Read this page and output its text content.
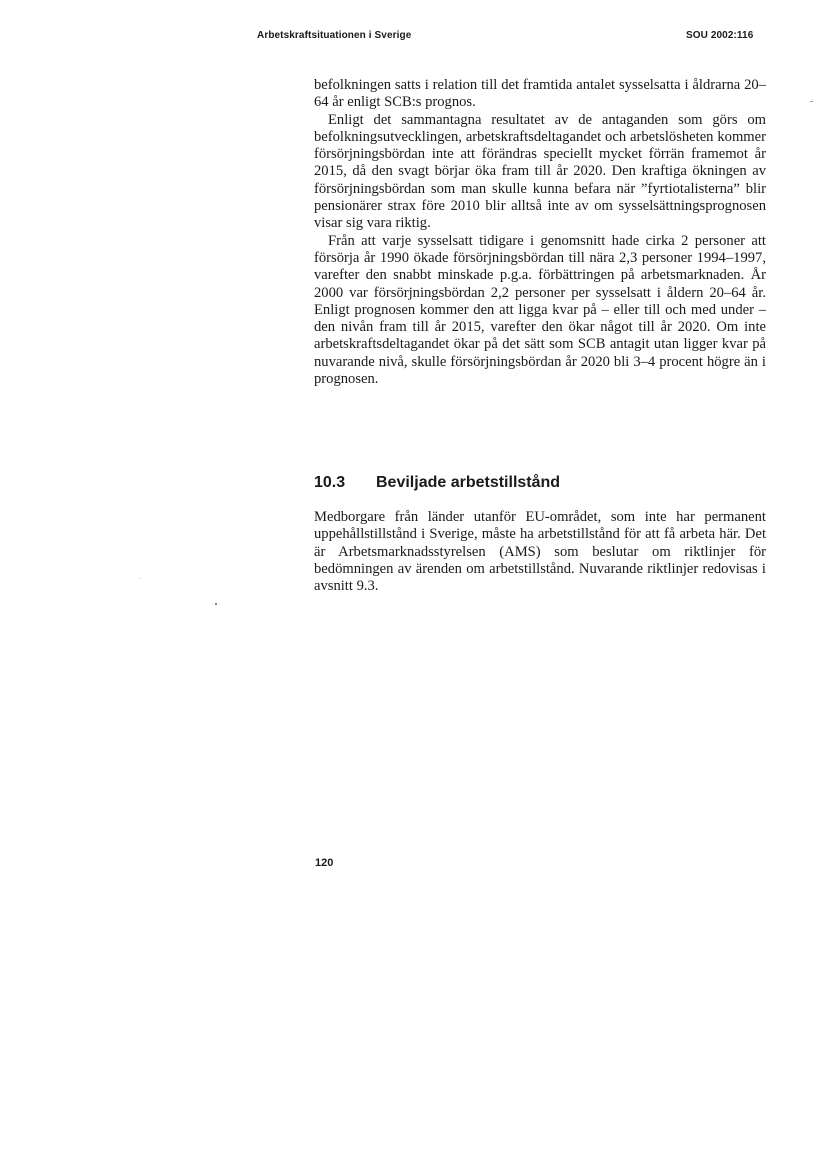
Arbetskraftsituationen i Sverige	SOU 2002:116

befolkningen satts i relation till det framtida antalet sysselsatta i åldrarna 20–64 år enligt SCB:s prognos.

Enligt det sammantagna resultatet av de antaganden som görs om befolkningsutvecklingen, arbetskraftsdeltagandet och arbetslösheten kommer försörjningsbördan inte att förändras speciellt mycket förrän framemot år 2015, då den svagt börjar öka fram till år 2020. Den kraftiga ökningen av försörjningsbördan som man skulle kunna befara när ”fyrtiotalisterna” blir pensionärer strax före 2010 blir alltså inte av om sysselsättningsprognosen visar sig vara riktig.

Från att varje sysselsatt tidigare i genomsnitt hade cirka 2 personer att försörja år 1990 ökade försörjningsbördan till nära 2,3 personer 1994–1997, varefter den snabbt minskade p.g.a. förbättringen på arbetsmarknaden. År 2000 var försörjningsbördan 2,2 personer per sysselsatt i åldern 20–64 år. Enligt prognosen kommer den att ligga kvar på – eller till och med under – den nivån fram till år 2015, varefter den ökar något till år 2020. Om inte arbetskraftsdeltagandet ökar på det sätt som SCB antagit utan ligger kvar på nuvarande nivå, skulle försörjningsbördan år 2020 bli 3–4 procent högre än i prognosen.

10.3	Beviljade arbetstillstånd

Medborgare från länder utanför EU-området, som inte har permanent uppehållstillstånd i Sverige, måste ha arbetstillstånd för att få arbeta här. Det är Arbetsmarknadsstyrelsen (AMS) som beslutar om riktlinjer för bedömningen av ärenden om arbetstillstånd. Nuvarande riktlinjer redovisas i avsnitt 9.3.

120
